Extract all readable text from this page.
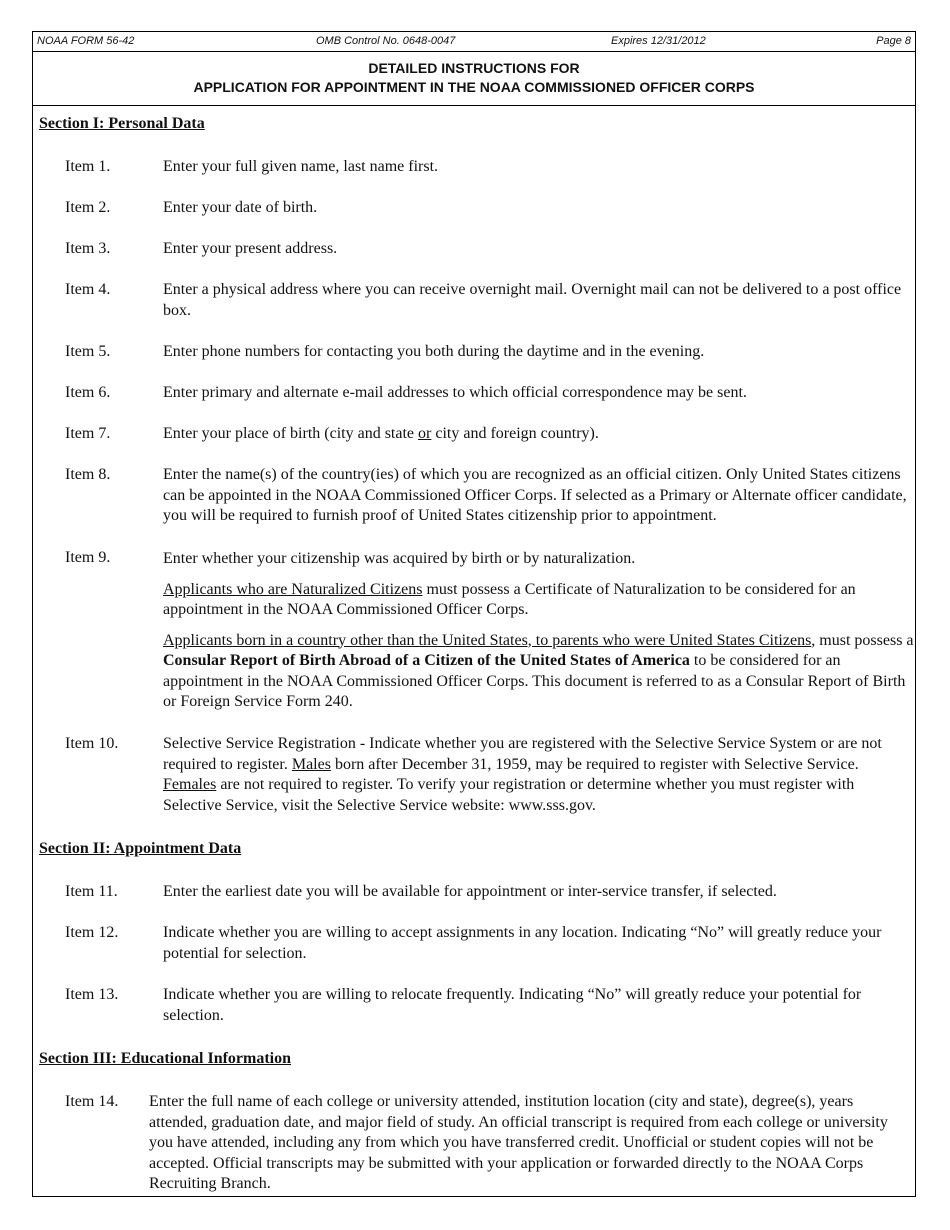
NOAA FORM 56-42	OMB Control No. 0648-0047	Expires 12/31/2012	Page 8
DETAILED INSTRUCTIONS FOR
APPLICATION FOR APPOINTMENT IN THE NOAA COMMISSIONED OFFICER CORPS
Section I: Personal Data
Item 1.	Enter your full given name, last name first.
Item 2.	Enter your date of birth.
Item 3.	Enter your present address.
Item 4.	Enter a physical address where you can receive overnight mail. Overnight mail can not be delivered to a post office box.
Item 5.	Enter phone numbers for contacting you both during the daytime and in the evening.
Item 6.	Enter primary and alternate e-mail addresses to which official correspondence may be sent.
Item 7.	Enter your place of birth (city and state or city and foreign country).
Item 8.	Enter the name(s) of the country(ies) of which you are recognized as an official citizen. Only United States citizens can be appointed in the NOAA Commissioned Officer Corps. If selected as a Primary or Alternate officer candidate, you will be required to furnish proof of United States citizenship prior to appointment.
Item 9.	Enter whether your citizenship was acquired by birth or by naturalization.

Applicants who are Naturalized Citizens must possess a Certificate of Naturalization to be considered for an appointment in the NOAA Commissioned Officer Corps.

Applicants born in a country other than the United States, to parents who were United States Citizens, must possess a Consular Report of Birth Abroad of a Citizen of the United States of America to be considered for an appointment in the NOAA Commissioned Officer Corps. This document is referred to as a Consular Report of Birth or Foreign Service Form 240.

Item 10.	Selective Service Registration - Indicate whether you are registered with the Selective Service System or are not required to register. Males born after December 31, 1959, may be required to register with Selective Service. Females are not required to register. To verify your registration or determine whether you must register with Selective Service, visit the Selective Service website: www.sss.gov.
Section II: Appointment Data
Item 11.	Enter the earliest date you will be available for appointment or inter-service transfer, if selected.
Item 12.	Indicate whether you are willing to accept assignments in any location. Indicating “No” will greatly reduce your potential for selection.
Item 13.	Indicate whether you are willing to relocate frequently. Indicating “No” will greatly reduce your potential for selection.
Section III: Educational Information
Item 14. Enter the full name of each college or university attended, institution location (city and state), degree(s), years attended, graduation date, and major field of study. An official transcript is required from each college or university you have attended, including any from which you have transferred credit. Unofficial or student copies will not be accepted. Official transcripts may be submitted with your application or forwarded directly to the NOAA Corps Recruiting Branch.
